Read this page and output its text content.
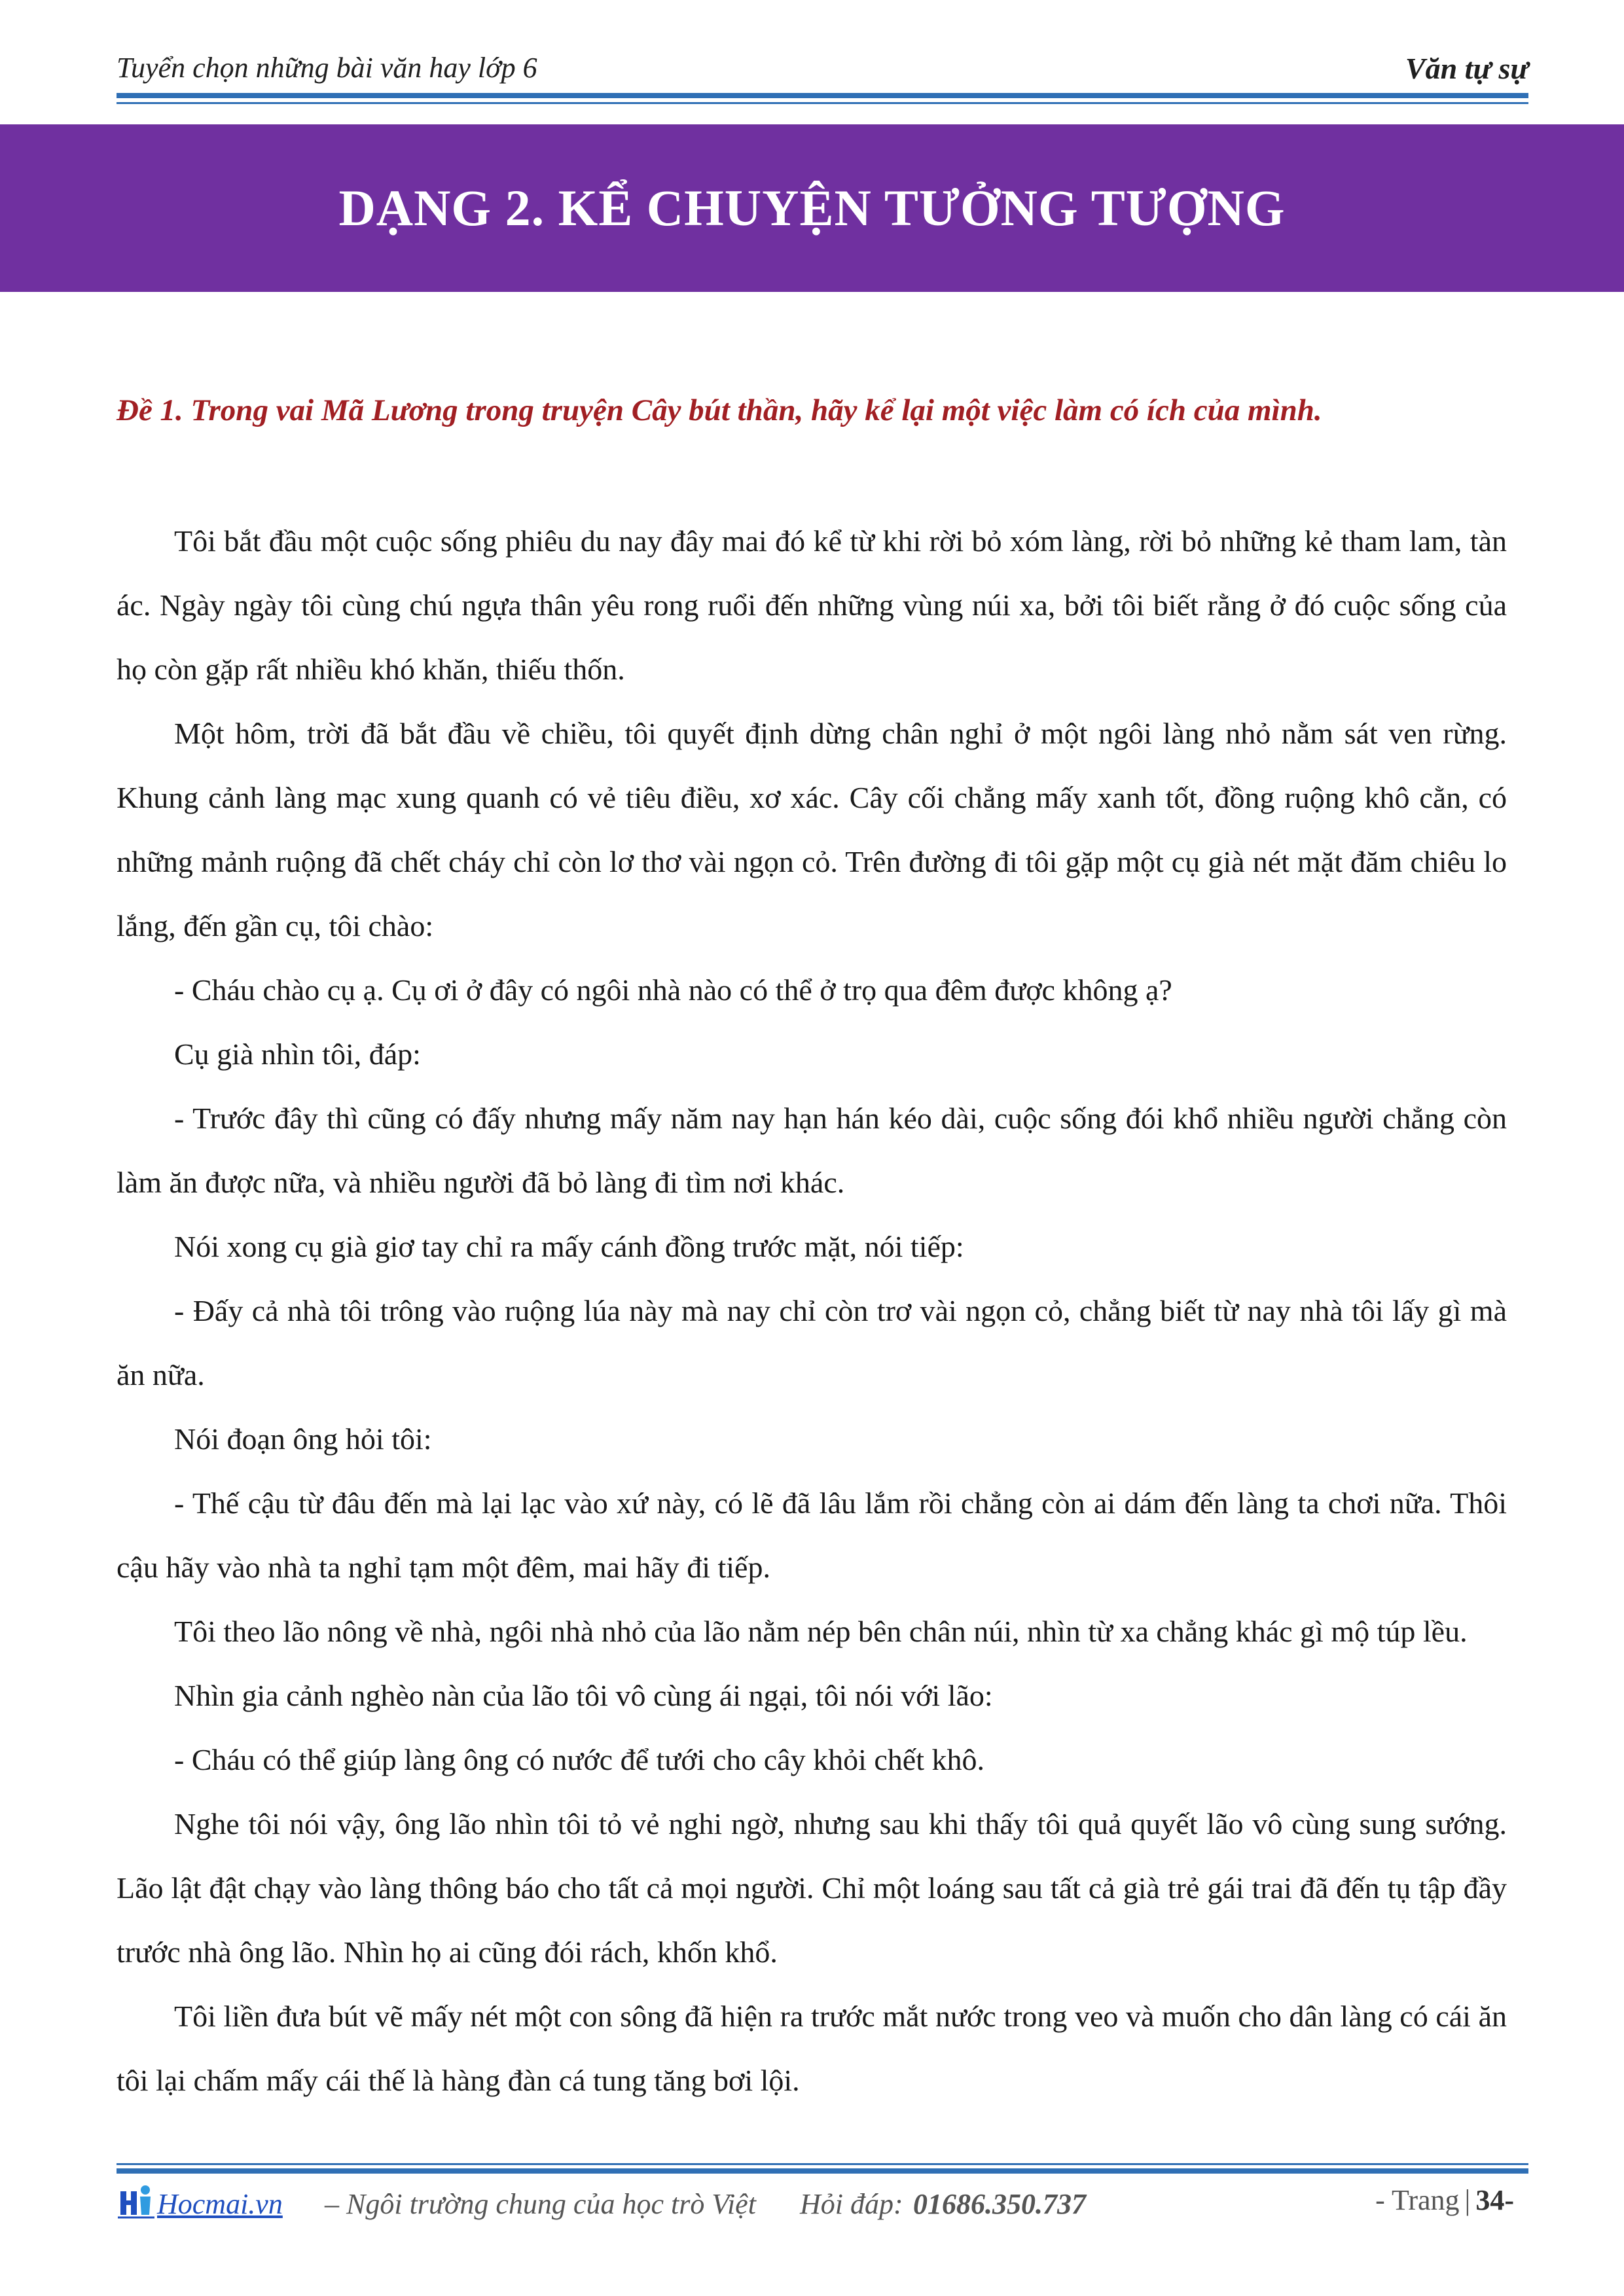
Tuyển chọn những bài văn hay lớp 6	Văn tự sự
DẠNG 2. KỂ CHUYỆN TƯỞNG TƯỢNG
Đề 1. Trong vai Mã Lương trong truyện Cây bút thần, hãy kể lại một việc làm có ích của mình.

Tôi bắt đầu một cuộc sống phiêu du nay đây mai đó kể từ khi rời bỏ xóm làng, rời bỏ những kẻ tham lam, tàn ác. Ngày ngày tôi cùng chú ngựa thân yêu rong ruổi đến những vùng núi xa, bởi tôi biết rằng ở đó cuộc sống của họ còn gặp rất nhiều khó khăn, thiếu thốn.

Một hôm, trời đã bắt đầu về chiều, tôi quyết định dừng chân nghỉ ở một ngôi làng nhỏ nằm sát ven rừng. Khung cảnh làng mạc xung quanh có vẻ tiêu điều, xơ xác. Cây cối chẳng mấy xanh tốt, đồng ruộng khô cằn, có những mảnh ruộng đã chết cháy chỉ còn lơ thơ vài ngọn cỏ. Trên đường đi tôi gặp một cụ già nét mặt đăm chiêu lo lắng, đến gần cụ, tôi chào:

- Cháu chào cụ ạ. Cụ ơi ở đây có ngôi nhà nào có thể ở trọ qua đêm được không ạ?

Cụ già nhìn tôi, đáp:

- Trước đây thì cũng có đấy nhưng mấy năm nay hạn hán kéo dài, cuộc sống đói khổ nhiều người chẳng còn làm ăn được nữa, và nhiều người đã bỏ làng đi tìm nơi khác.

Nói xong cụ già giơ tay chỉ ra mấy cánh đồng trước mặt, nói tiếp:

- Đấy cả nhà tôi trông vào ruộng lúa này mà nay chỉ còn trơ vài ngọn cỏ, chẳng biết từ nay nhà tôi lấy gì mà ăn nữa.

Nói đoạn ông hỏi tôi:

- Thế cậu từ đâu đến mà lại lạc vào xứ này, có lẽ đã lâu lắm rồi chẳng còn ai dám đến làng ta chơi nữa. Thôi cậu hãy vào nhà ta nghỉ tạm một đêm, mai hãy đi tiếp.

Tôi theo lão nông về nhà, ngôi nhà nhỏ của lão nằm nép bên chân núi, nhìn từ xa chẳng khác gì mộ túp lều.

Nhìn gia cảnh nghèo nàn của lão tôi vô cùng ái ngại, tôi nói với lão:

- Cháu có thể giúp làng ông có nước để tưới cho cây khỏi chết khô.

Nghe tôi nói vậy, ông lão nhìn tôi tỏ vẻ nghi ngờ, nhưng sau khi thấy tôi quả quyết lão vô cùng sung sướng. Lão lật đật chạy vào làng thông báo cho tất cả mọi người. Chỉ một loáng sau tất cả già trẻ gái trai đã đến tụ tập đầy trước nhà ông lão. Nhìn họ ai cũng đói rách, khốn khổ.

Tôi liền đưa bút vẽ mấy nét một con sông đã hiện ra trước mắt nước trong veo và muốn cho dân làng có cái ăn tôi lại chấm mấy cái thế là hàng đàn cá tung tăng bơi lội.

Hocmai.vn – Ngôi trường chung của học trò Việt Hỏi đáp: 01686.350.737	- Trang | 34-
